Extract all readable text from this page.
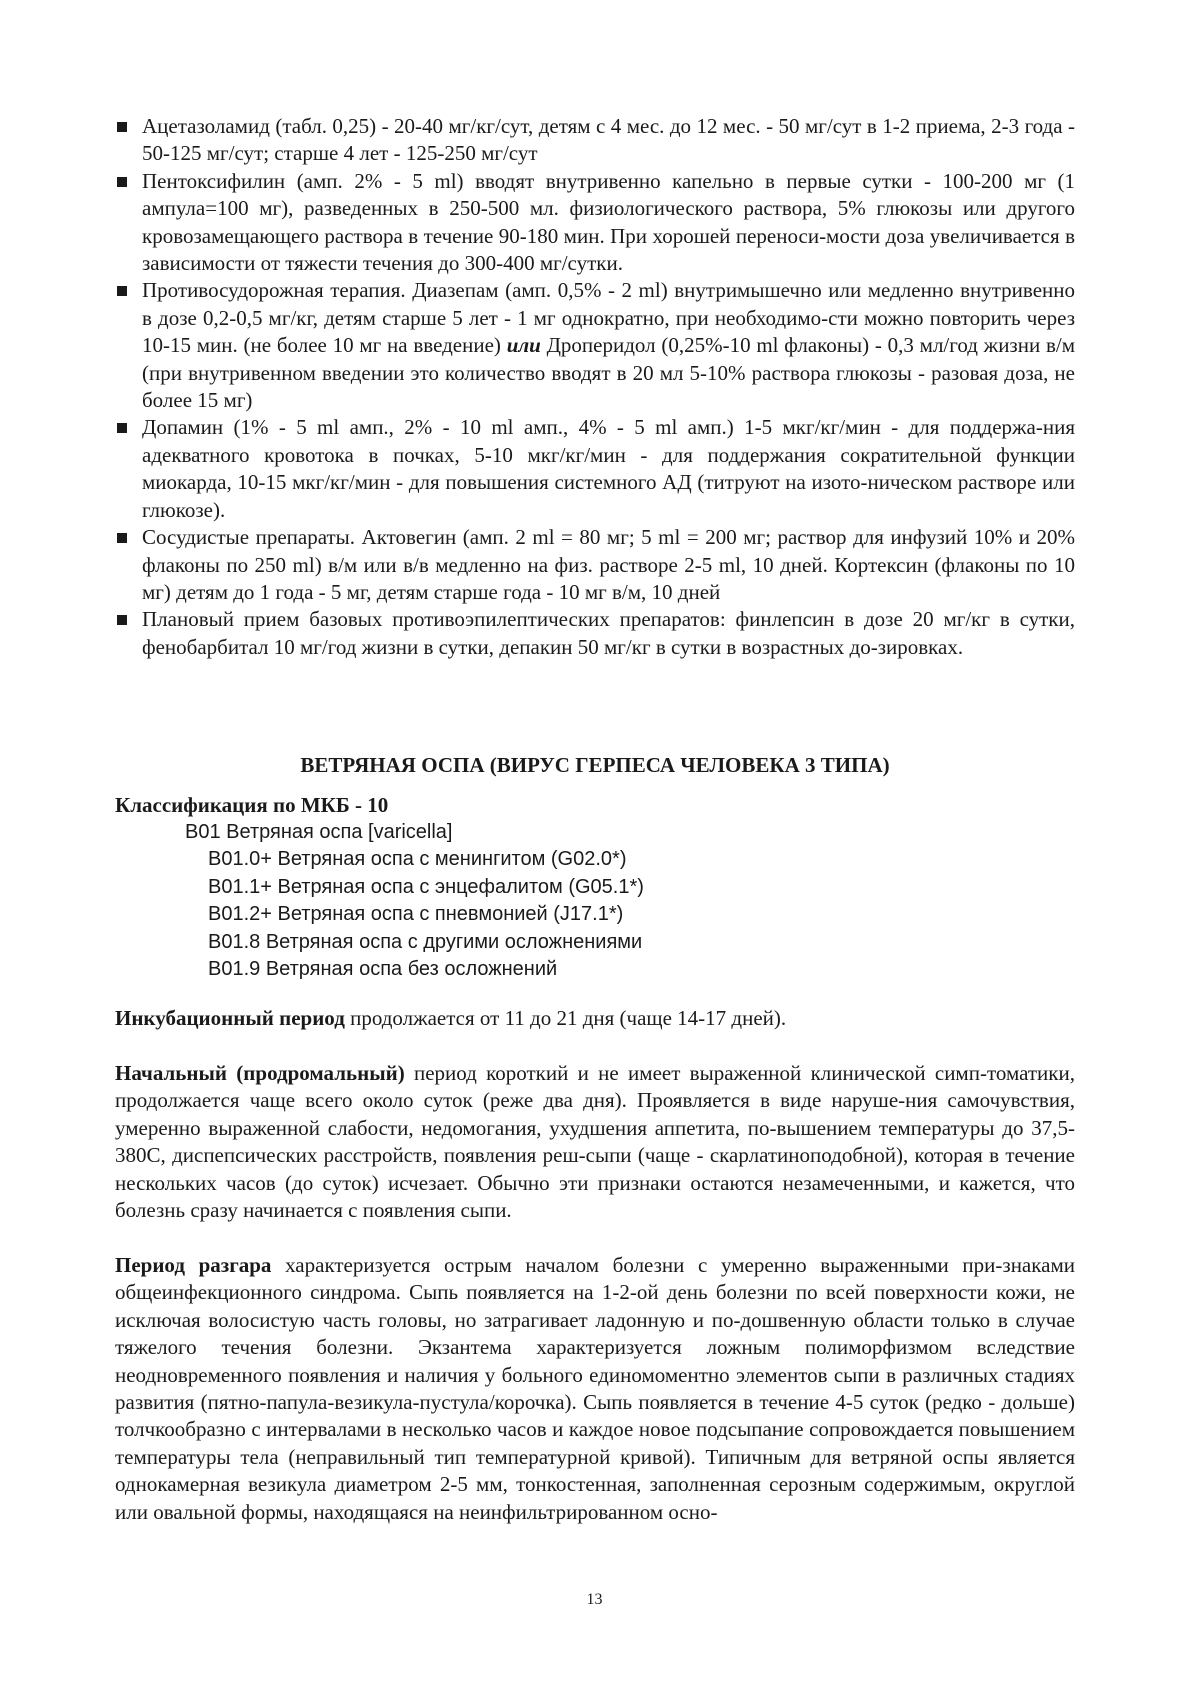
Ацетазоламид (табл. 0,25) - 20-40 мг/кг/сут, детям с 4 мес. до 12 мес. - 50 мг/сут в 1-2 приема, 2-3 года - 50-125 мг/сут; старше 4 лет - 125-250 мг/сут
Пентоксифилин (амп. 2% - 5 ml) вводят внутривенно капельно в первые сутки - 100-200 мг (1 ампула=100 мг), разведенных в 250-500 мл. физиологического раствора, 5% глюкозы или другого кровозамещающего раствора в течение 90-180 мин. При хорошей переноси-мости доза увеличивается в зависимости от тяжести течения до 300-400 мг/сутки.
Противосудорожная терапия. Диазепам (амп. 0,5% - 2 ml) внутримышечно или медленно внутривенно в дозе 0,2-0,5 мг/кг, детям старше 5 лет - 1 мг однократно, при необходимо-сти можно повторить через 10-15 мин. (не более 10 мг на введение) или Дроперидол (0,25%-10 ml флаконы) - 0,3 мл/год жизни в/м (при внутривенном введении это количество вводят в 20 мл 5-10% раствора глюкозы - разовая доза, не более 15 мг)
Допамин (1% - 5 ml амп., 2% - 10 ml амп., 4% - 5 ml амп.) 1-5 мкг/кг/мин - для поддержа-ния адекватного кровотока в почках, 5-10 мкг/кг/мин - для поддержания сократительной функции миокарда, 10-15 мкг/кг/мин - для повышения системного АД (титруют на изото-ническом растворе или глюкозе).
Сосудистые препараты. Актовегин (амп. 2 ml = 80 мг; 5 ml = 200 мг; раствор для инфузий 10% и 20% флаконы по 250 ml) в/м или в/в медленно на физ. растворе 2-5 ml, 10 дней. Кортексин (флаконы по 10 мг) детям до 1 года - 5 мг, детям старше года - 10 мг в/м, 10 дней
Плановый прием базовых противоэпилептических препаратов: финлепсин в дозе 20 мг/кг в сутки, фенобарбитал 10 мг/год жизни в сутки, депакин 50 мг/кг в сутки в возрастных до-зировках.
ВЕТРЯНАЯ ОСПА (ВИРУС ГЕРПЕСА ЧЕЛОВЕКА 3 ТИПА)

Классификация по МКБ - 10

B01 Ветряная оспа [varicella]
B01.0+ Ветряная оспа с менингитом (G02.0*)
B01.1+ Ветряная оспа с энцефалитом (G05.1*)
B01.2+ Ветряная оспа с пневмонией (J17.1*)
B01.8 Ветряная оспа с другими осложнениями
B01.9 Ветряная оспа без осложнений

Инкубационный период продолжается от 11 до 21 дня (чаще 14-17 дней).

Начальный (продромальный) период короткий и не имеет выраженной клинической симп-томатики, продолжается чаще всего около суток (реже два дня). Проявляется в виде наруше-ния самочувствия, умеренно выраженной слабости, недомогания, ухудшения аппетита, по-вышением температуры до 37,5-380С, диспепсических расстройств, появления реш-сыпи (чаще - скарлатиноподобной), которая в течение нескольких часов (до суток) исчезает. Обычно эти признаки остаются незамеченными, и кажется, что болезнь сразу начинается с появления сыпи.

Период разгара характеризуется острым началом болезни с умеренно выраженными при-знаками общеинфекционного синдрома. Сыпь появляется на 1-2-ой день болезни по всей поверхности кожи, не исключая волосистую часть головы, но затрагивает ладонную и по-дошвенную области только в случае тяжелого течения болезни. Экзантема характеризуется ложным полиморфизмом вследствие неодновременного появления и наличия у больного единомоментно элементов сыпи в различных стадиях развития (пятно-папула-везикула-пустула/корочка). Сыпь появляется в течение 4-5 суток (редко - дольше) толчкообразно с интервалами в несколько часов и каждое новое подсыпание сопровождается повышением температуры тела (неправильный тип температурной кривой). Типичным для ветряной оспы является однокамерная везикула диаметром 2-5 мм, тонкостенная, заполненная серозным содержимым, округлой или овальной формы, находящаяся на неинфильтрированном осно-

13
